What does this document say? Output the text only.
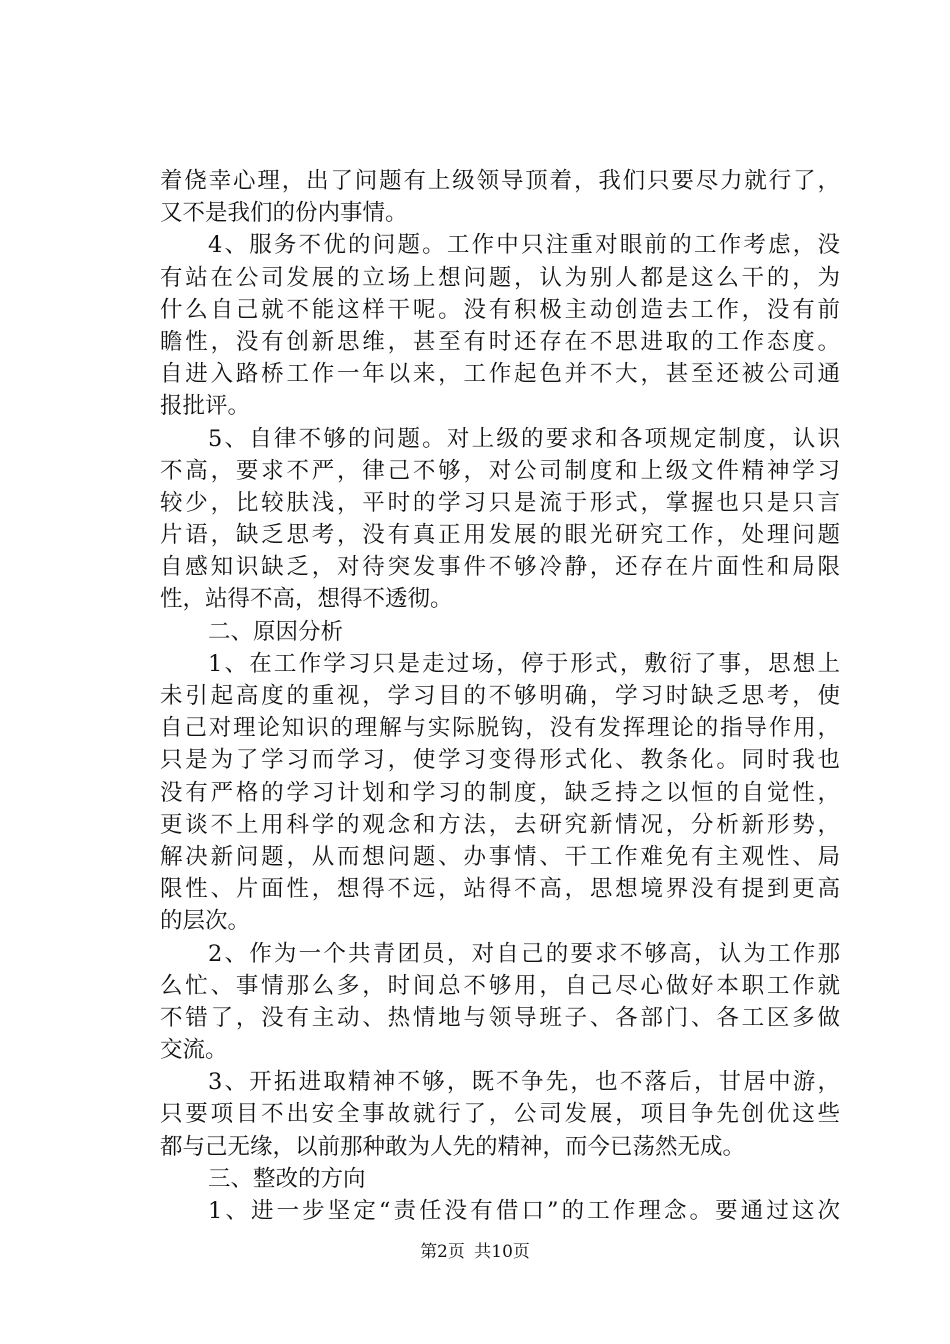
着侥幸心理，出了问题有上级领导顶着，我们只要尽力就行了，
又不是我们的份内事情。
4、服务不优的问题。工作中只注重对眼前的工作考虑，没
有站在公司发展的立场上想问题，认为别人都是这么干的，为
什么自己就不能这样干呢。没有积极主动创造去工作，没有前
瞻性，没有创新思维，甚至有时还存在不思进取的工作态度。
自进入路桥工作一年以来，工作起色并不大，甚至还被公司通
报批评。
5、自律不够的问题。对上级的要求和各项规定制度，认识
不高，要求不严，律己不够，对公司制度和上级文件精神学习
较少，比较肤浅，平时的学习只是流于形式，掌握也只是只言
片语，缺乏思考，没有真正用发展的眼光研究工作，处理问题
自感知识缺乏，对待突发事件不够冷静，还存在片面性和局限
性，站得不高，想得不透彻。
二、原因分析
1、在工作学习只是走过场，停于形式，敷衍了事，思想上
未引起高度的重视，学习目的不够明确，学习时缺乏思考，使
自己对理论知识的理解与实际脱钩，没有发挥理论的指导作用，
只是为了学习而学习，使学习变得形式化、教条化。同时我也
没有严格的学习计划和学习的制度，缺乏持之以恒的自觉性，
更谈不上用科学的观念和方法，去研究新情况，分析新形势，
解决新问题，从而想问题、办事情、干工作难免有主观性、局
限性、片面性，想得不远，站得不高，思想境界没有提到更高
的层次。
2、作为一个共青团员，对自己的要求不够高，认为工作那
么忙、事情那么多，时间总不够用，自己尽心做好本职工作就
不错了，没有主动、热情地与领导班子、各部门、各工区多做
交流。
3、开拓进取精神不够，既不争先，也不落后，甘居中游，
只要项目不出安全事故就行了，公司发展，项目争先创优这些
都与己无缘，以前那种敢为人先的精神，而今已荡然无成。
三、整改的方向
1、进一步坚定“责任没有借口”的工作理念。要通过这次
第2页 共10页
